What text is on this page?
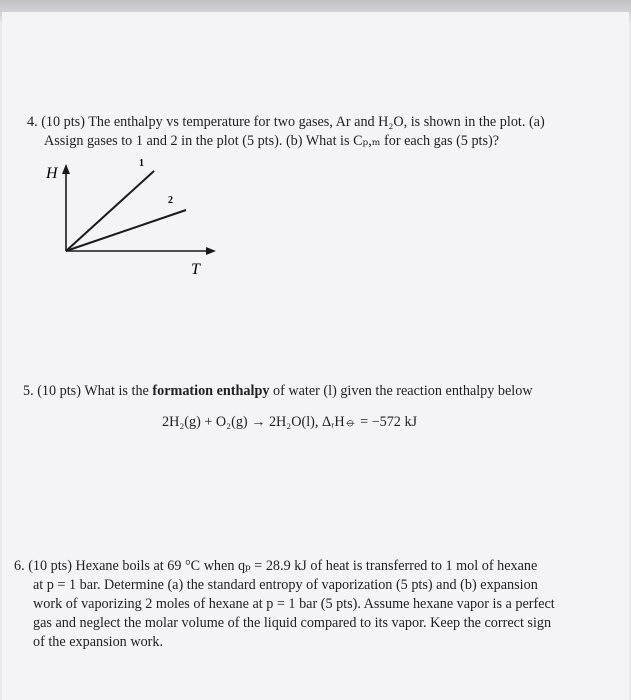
4. (10 pts) The enthalpy vs temperature for two gases, Ar and H₂O, is shown in the plot. (a)
Assign gases to 1 and 2 in the plot (5 pts). (b) What is Cₚ,ₘ for each gas (5 pts)?
H
T
1
2
5. (10 pts) What is the formation enthalpy of water (l) given the reaction enthalpy below
2H₂(g) + O₂(g) → 2H₂O(l), ΔᵣH⦵ = −572 kJ
6. (10 pts) Hexane boils at 69 °C when qₚ = 28.9 kJ of heat is transferred to 1 mol of hexane
at p = 1 bar. Determine (a) the standard entropy of vaporization (5 pts) and (b) expansion
work of vaporizing 2 moles of hexane at p = 1 bar (5 pts). Assume hexane vapor is a perfect
gas and neglect the molar volume of the liquid compared to its vapor. Keep the correct sign
of the expansion work.
